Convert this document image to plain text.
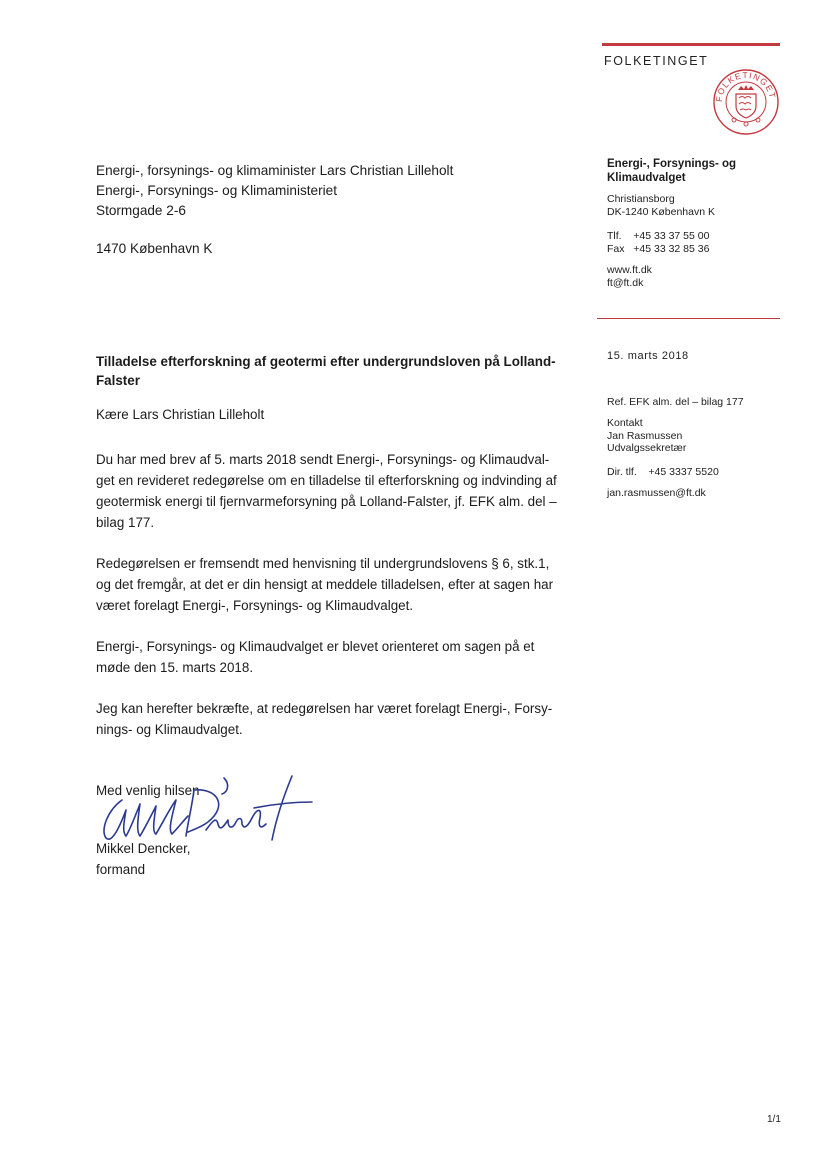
FOLKETINGET
FOLKETINGET
Energi-, Forsynings- og
Klimaudvalget
Christiansborg
DK-1240 København K
Tlf.    +45 33 37 55 00
Fax   +45 33 32 85 36
www.ft.dk
ft@ft.dk
15. marts 2018
Ref. EFK alm. del – bilag 177
Kontakt
Jan Rasmussen
Udvalgssekretær
Dir. tlf.    +45 3337 5520
jan.rasmussen@ft.dk
Energi-, forsynings- og klimaminister Lars Christian Lilleholt
Energi-, Forsynings- og Klimaministeriet
Stormgade 2-6
1470 København K
Tilladelse efterforskning af geotermi efter undergrundsloven på Lolland-
Falster
Kære Lars Christian Lilleholt
Du har med brev af 5. marts 2018 sendt Energi-, Forsynings- og Klimaudval-
get en revideret redegørelse om en tilladelse til efterforskning og indvinding af
geotermisk energi til fjernvarmeforsyning på Lolland-Falster, jf. EFK alm. del –
bilag 177.
Redegørelsen er fremsendt med henvisning til undergrundslovens § 6, stk.1,
og det fremgår, at det er din hensigt at meddele tilladelsen, efter at sagen har
været forelagt Energi-, Forsynings- og Klimaudvalget.
Energi-, Forsynings- og Klimaudvalget er blevet orienteret om sagen på et
møde den 15. marts 2018.
Jeg kan herefter bekræfte, at redegørelsen har været forelagt Energi-, Forsy-
nings- og Klimaudvalget.
Med venlig hilsen
Mikkel Dencker,
formand
1/1
